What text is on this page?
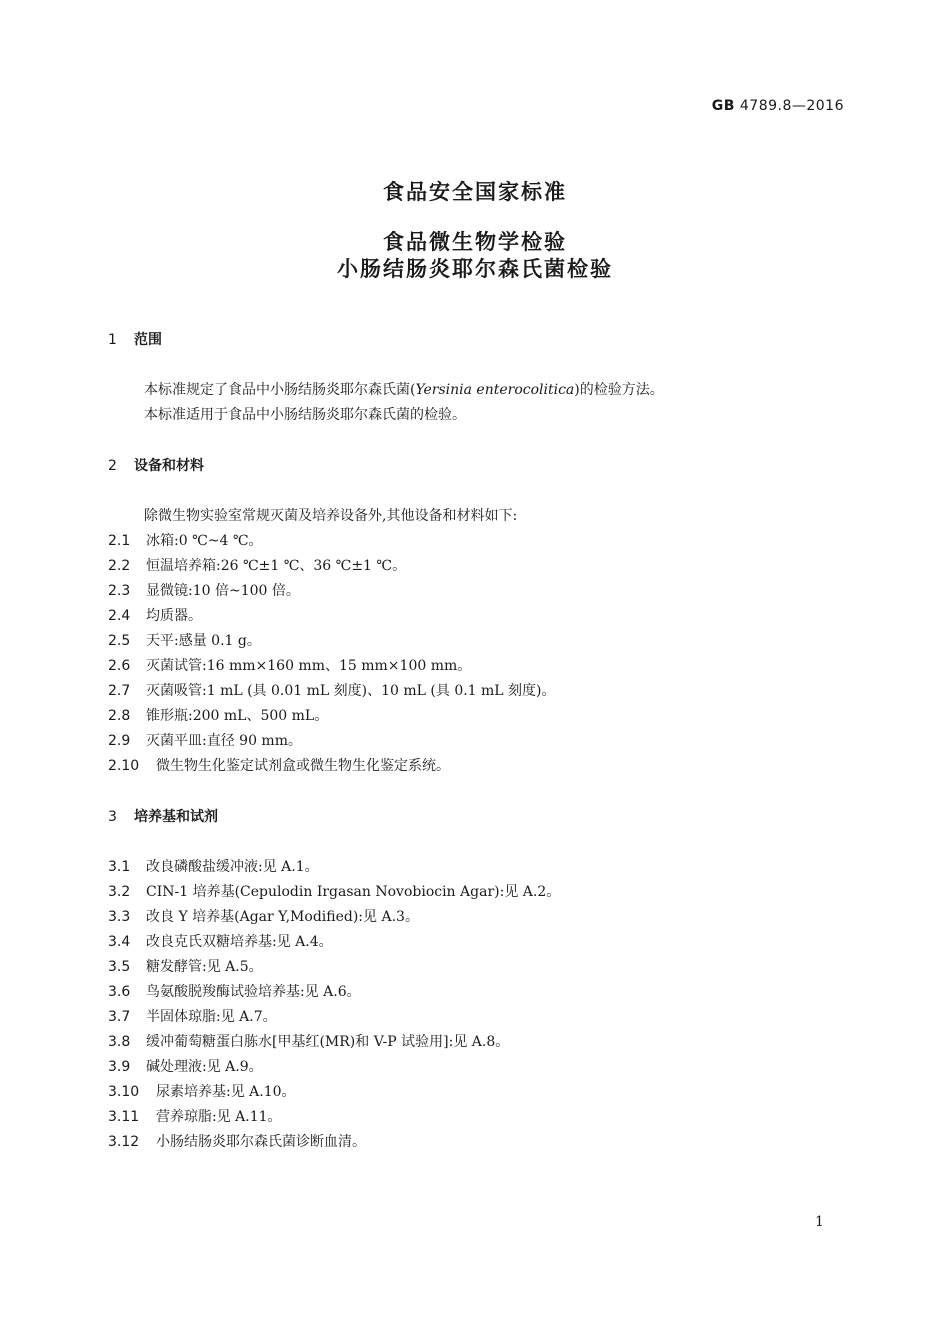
GB 4789.8—2016
食品安全国家标准
食品微生物学检验
小肠结肠炎耶尔森氏菌检验
1 范围
本标准规定了食品中小肠结肠炎耶尔森氏菌(Yersinia enterocolitica)的检验方法。
本标准适用于食品中小肠结肠炎耶尔森氏菌的检验。
2 设备和材料
除微生物实验室常规灭菌及培养设备外,其他设备和材料如下:
2.1 冰箱:0 ℃~4 ℃。
2.2 恒温培养箱:26 ℃±1 ℃、36 ℃±1 ℃。
2.3 显微镜:10 倍~100 倍。
2.4 均质器。
2.5 天平:感量 0.1 g。
2.6 灭菌试管:16 mm×160 mm、15 mm×100 mm。
2.7 灭菌吸管:1 mL (具 0.01 mL 刻度)、10 mL (具 0.1 mL 刻度)。
2.8 锥形瓶:200 mL、500 mL。
2.9 灭菌平皿:直径 90 mm。
2.10 微生物生化鉴定试剂盒或微生物生化鉴定系统。
3 培养基和试剂
3.1 改良磷酸盐缓冲液:见 A.1。
3.2 CIN-1 培养基(Cepulodin Irgasan Novobiocin Agar):见 A.2。
3.3 改良 Y 培养基(Agar Y,Modified):见 A.3。
3.4 改良克氏双糖培养基:见 A.4。
3.5 糖发酵管:见 A.5。
3.6 鸟氨酸脱羧酶试验培养基:见 A.6。
3.7 半固体琼脂:见 A.7。
3.8 缓冲葡萄糖蛋白胨水[甲基红(MR)和 V-P 试验用]:见 A.8。
3.9 碱处理液:见 A.9。
3.10 尿素培养基:见 A.10。
3.11 营养琼脂:见 A.11。
3.12 小肠结肠炎耶尔森氏菌诊断血清。
1
